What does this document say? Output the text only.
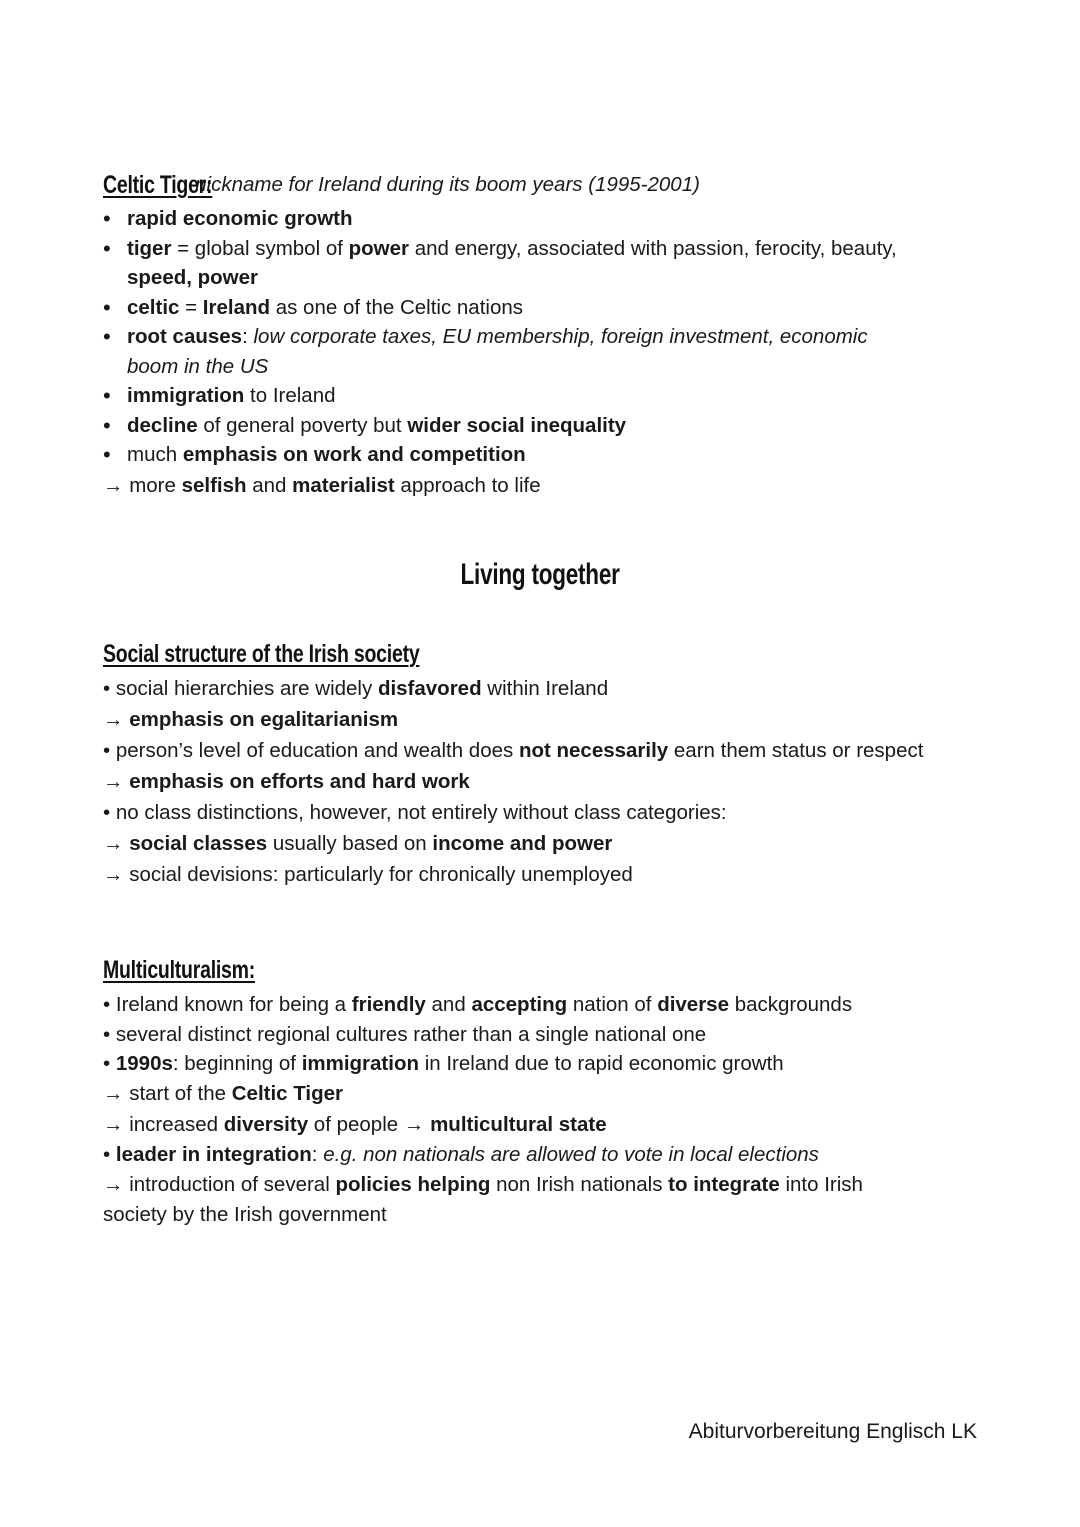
Celtic Tiger:
nickname for Ireland during its boom years (1995-2001)
• rapid economic growth
• tiger = global symbol of power and energy, associated with passion, ferocity, beauty,
speed, power
• celtic = Ireland as one of the Celtic nations
• root causes: low corporate taxes, EU membership, foreign investment, economic
boom in the US
• immigration to Ireland
• decline of general poverty but wider social inequality
• much emphasis on work and competition
→ more selfish and materialist approach to life
Living together
Social structure of the Irish society
• social hierarchies are widely disfavored within Ireland
→ emphasis on egalitarianism
• person’s level of education and wealth does not necessarily earn them status or respect
→ emphasis on efforts and hard work
• no class distinctions, however, not entirely without class categories:
→ social classes usually based on income and power
→ social devisions: particularly for chronically unemployed
Multiculturalism:
• Ireland known for being a friendly and accepting nation of diverse backgrounds
• several distinct regional cultures rather than a single national one
• 1990s: beginning of immigration in Ireland due to rapid economic growth
→ start of the Celtic Tiger
→ increased diversity of people → multicultural state
• leader in integration: e.g. non nationals are allowed to vote in local elections
→ introduction of several policies helping non Irish nationals to integrate into Irish
society by the Irish government
Abiturvorbereitung Englisch LK
